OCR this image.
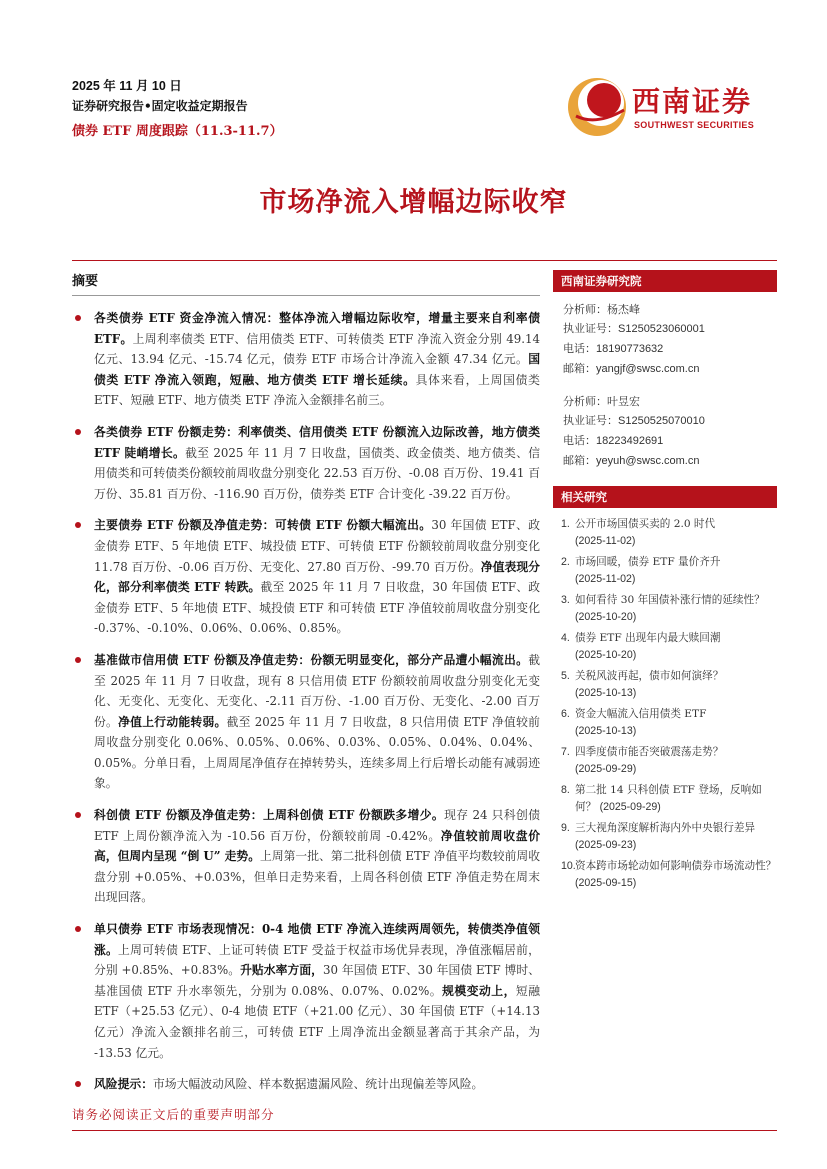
2025 年 11 月 10 日
证券研究报告•固定收益定期报告
债券 ETF 周度跟踪（11.3-11.7）
西南证券
SOUTHWEST SECURITIES
市场净流入增幅边际收窄
摘要
各类债券 ETF 资金净流入情况：整体净流入增幅边际收窄，增量主要来自利率债 ETF。上周利率债类 ETF、信用债类 ETF、可转债类 ETF 净流入资金分别 49.14 亿元、13.94 亿元、-15.74 亿元，债券 ETF 市场合计净流入金额 47.34 亿元。国债类 ETF 净流入领跑，短融、地方债类 ETF 增长延续。具体来看，上周国债类 ETF、短融 ETF、地方债类 ETF 净流入金额排名前三。
各类债券 ETF 份额走势：利率债类、信用债类 ETF 份额流入边际改善，地方债类 ETF 陡峭增长。截至 2025 年 11 月 7 日收盘，国债类、政金债类、地方债类、信用债类和可转债类份额较前周收盘分别变化 22.53 百万份、-0.08 百万份、19.41 百万份、35.81 百万份、-116.90 百万份，债券类 ETF 合计变化 -39.22 百万份。
主要债券 ETF 份额及净值走势：可转债 ETF 份额大幅流出。30 年国债 ETF、政金债券 ETF、5 年地债 ETF、城投债 ETF、可转债 ETF 份额较前周收盘分别变化 11.78 百万份、-0.06 百万份、无变化、27.80 百万份、-99.70 百万份。净值表现分化，部分利率债类 ETF 转跌。截至 2025 年 11 月 7 日收盘，30 年国债 ETF、政金债券 ETF、5 年地债 ETF、城投债 ETF 和可转债 ETF 净值较前周收盘分别变化 -0.37%、-0.10%、0.06%、0.06%、0.85%。
基准做市信用债 ETF 份额及净值走势：份额无明显变化，部分产品遭小幅流出。截至 2025 年 11 月 7 日收盘，现有 8 只信用债 ETF 份额较前周收盘分别变化无变化、无变化、无变化、无变化、-2.11 百万份、-1.00 百万份、无变化、-2.00 百万份。净值上行动能转弱。截至 2025 年 11 月 7 日收盘，8 只信用债 ETF 净值较前周收盘分别变化 0.06%、0.05%、0.06%、0.03%、0.05%、0.04%、0.04%、0.05%。分单日看，上周周尾净值存在掉转势头，连续多周上行后增长动能有减弱迹象。
科创债 ETF 份额及净值走势：上周科创债 ETF 份额跌多增少。现存 24 只科创债 ETF 上周份额净流入为 -10.56 百万份，份额较前周 -0.42%。净值较前周收盘价高，但周内呈现 “倒 U” 走势。上周第一批、第二批科创债 ETF 净值平均数较前周收盘分别 +0.05%、+0.03%，但单日走势来看，上周各科创债 ETF 净值走势在周末出现回落。
单只债券 ETF 市场表现情况：0-4 地债 ETF 净流入连续两周领先，转债类净值领涨。上周可转债 ETF、上证可转债 ETF 受益于权益市场优异表现，净值涨幅居前，分别 +0.85%、+0.83%。升贴水率方面，30 年国债 ETF、30 年国债 ETF 博时、基准国债 ETF 升水率领先，分别为 0.08%、0.07%、0.02%。规模变动上，短融 ETF（+25.53 亿元）、0-4 地债 ETF（+21.00 亿元）、30 年国债 ETF（+14.13 亿元）净流入金额排名前三，可转债 ETF 上周净流出金额显著高于其余产品，为 -13.53 亿元。
风险提示：市场大幅波动风险、样本数据遗漏风险、统计出现偏差等风险。
西南证券研究院
分析师：杨杰峰
执业证号：S1250523060001
电话：18190773632
邮箱：yangjf@swsc.com.cn
分析师：叶昱宏
执业证号：S1250525070010
电话：18223492691
邮箱：yeyuh@swsc.com.cn
相关研究
1. 公开市场国债买卖的 2.0 时代
(2025-11-02)
2. 市场回暖，债券 ETF 量价齐升
(2025-11-02)
3. 如何看待 30 年国债补涨行情的延续性？ (2025-10-20)
4. 债券 ETF 出现年内最大赎回潮
(2025-10-20)
5. 关税风波再起，债市如何演绎？
(2025-10-13)
6. 资金大幅流入信用债类 ETF
(2025-10-13)
7. 四季度债市能否突破震荡走势？
(2025-09-29)
8. 第二批 14 只科创债 ETF 登场，反响如何？ (2025-09-29)
9. 三大视角深度解析海内外中央银行差异
(2025-09-23)
10. 资本跨市场轮动如何影响债券市场流动性？ (2025-09-15)
请务必阅读正文后的重要声明部分
